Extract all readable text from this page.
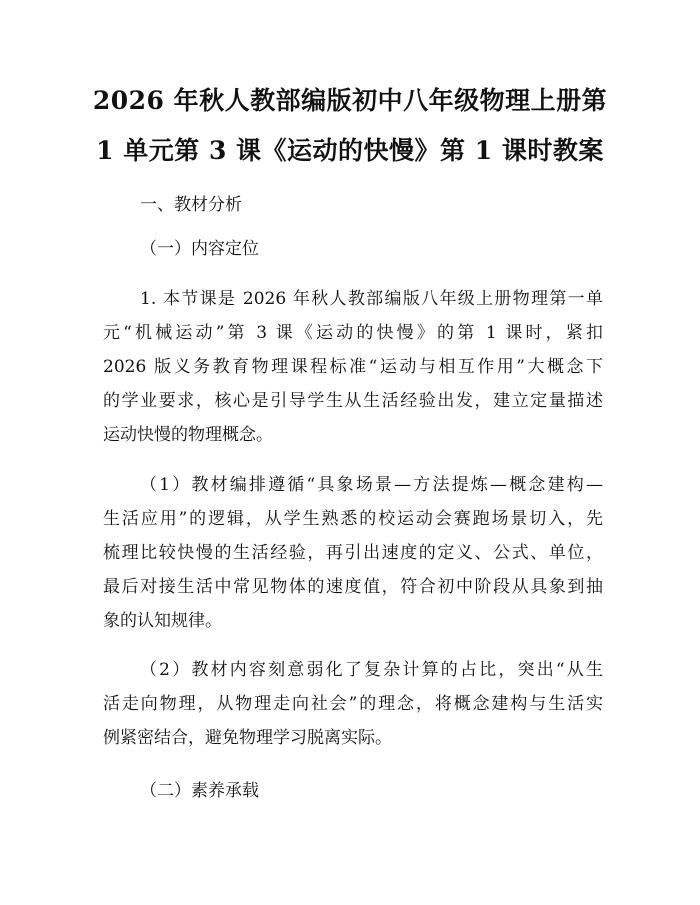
2026 年秋人教部编版初中八年级物理上册第
1 单元第 3 课《运动的快慢》第 1 课时教案
一、教材分析
（一）内容定位
1. 本节课是 2026 年秋人教部编版八年级上册物理第一单
元“机械运动”第 3 课《运动的快慢》的第 1 课时，紧扣
2026 版义务教育物理课程标准“运动与相互作用”大概念下
的学业要求，核心是引导学生从生活经验出发，建立定量描述
运动快慢的物理概念。
（1）教材编排遵循“具象场景—方法提炼—概念建构—
生活应用”的逻辑，从学生熟悉的校运动会赛跑场景切入，先
梳理比较快慢的生活经验，再引出速度的定义、公式、单位，
最后对接生活中常见物体的速度值，符合初中阶段从具象到抽
象的认知规律。
（2）教材内容刻意弱化了复杂计算的占比，突出“从生
活走向物理，从物理走向社会”的理念，将概念建构与生活实
例紧密结合，避免物理学习脱离实际。
（二）素养承载
